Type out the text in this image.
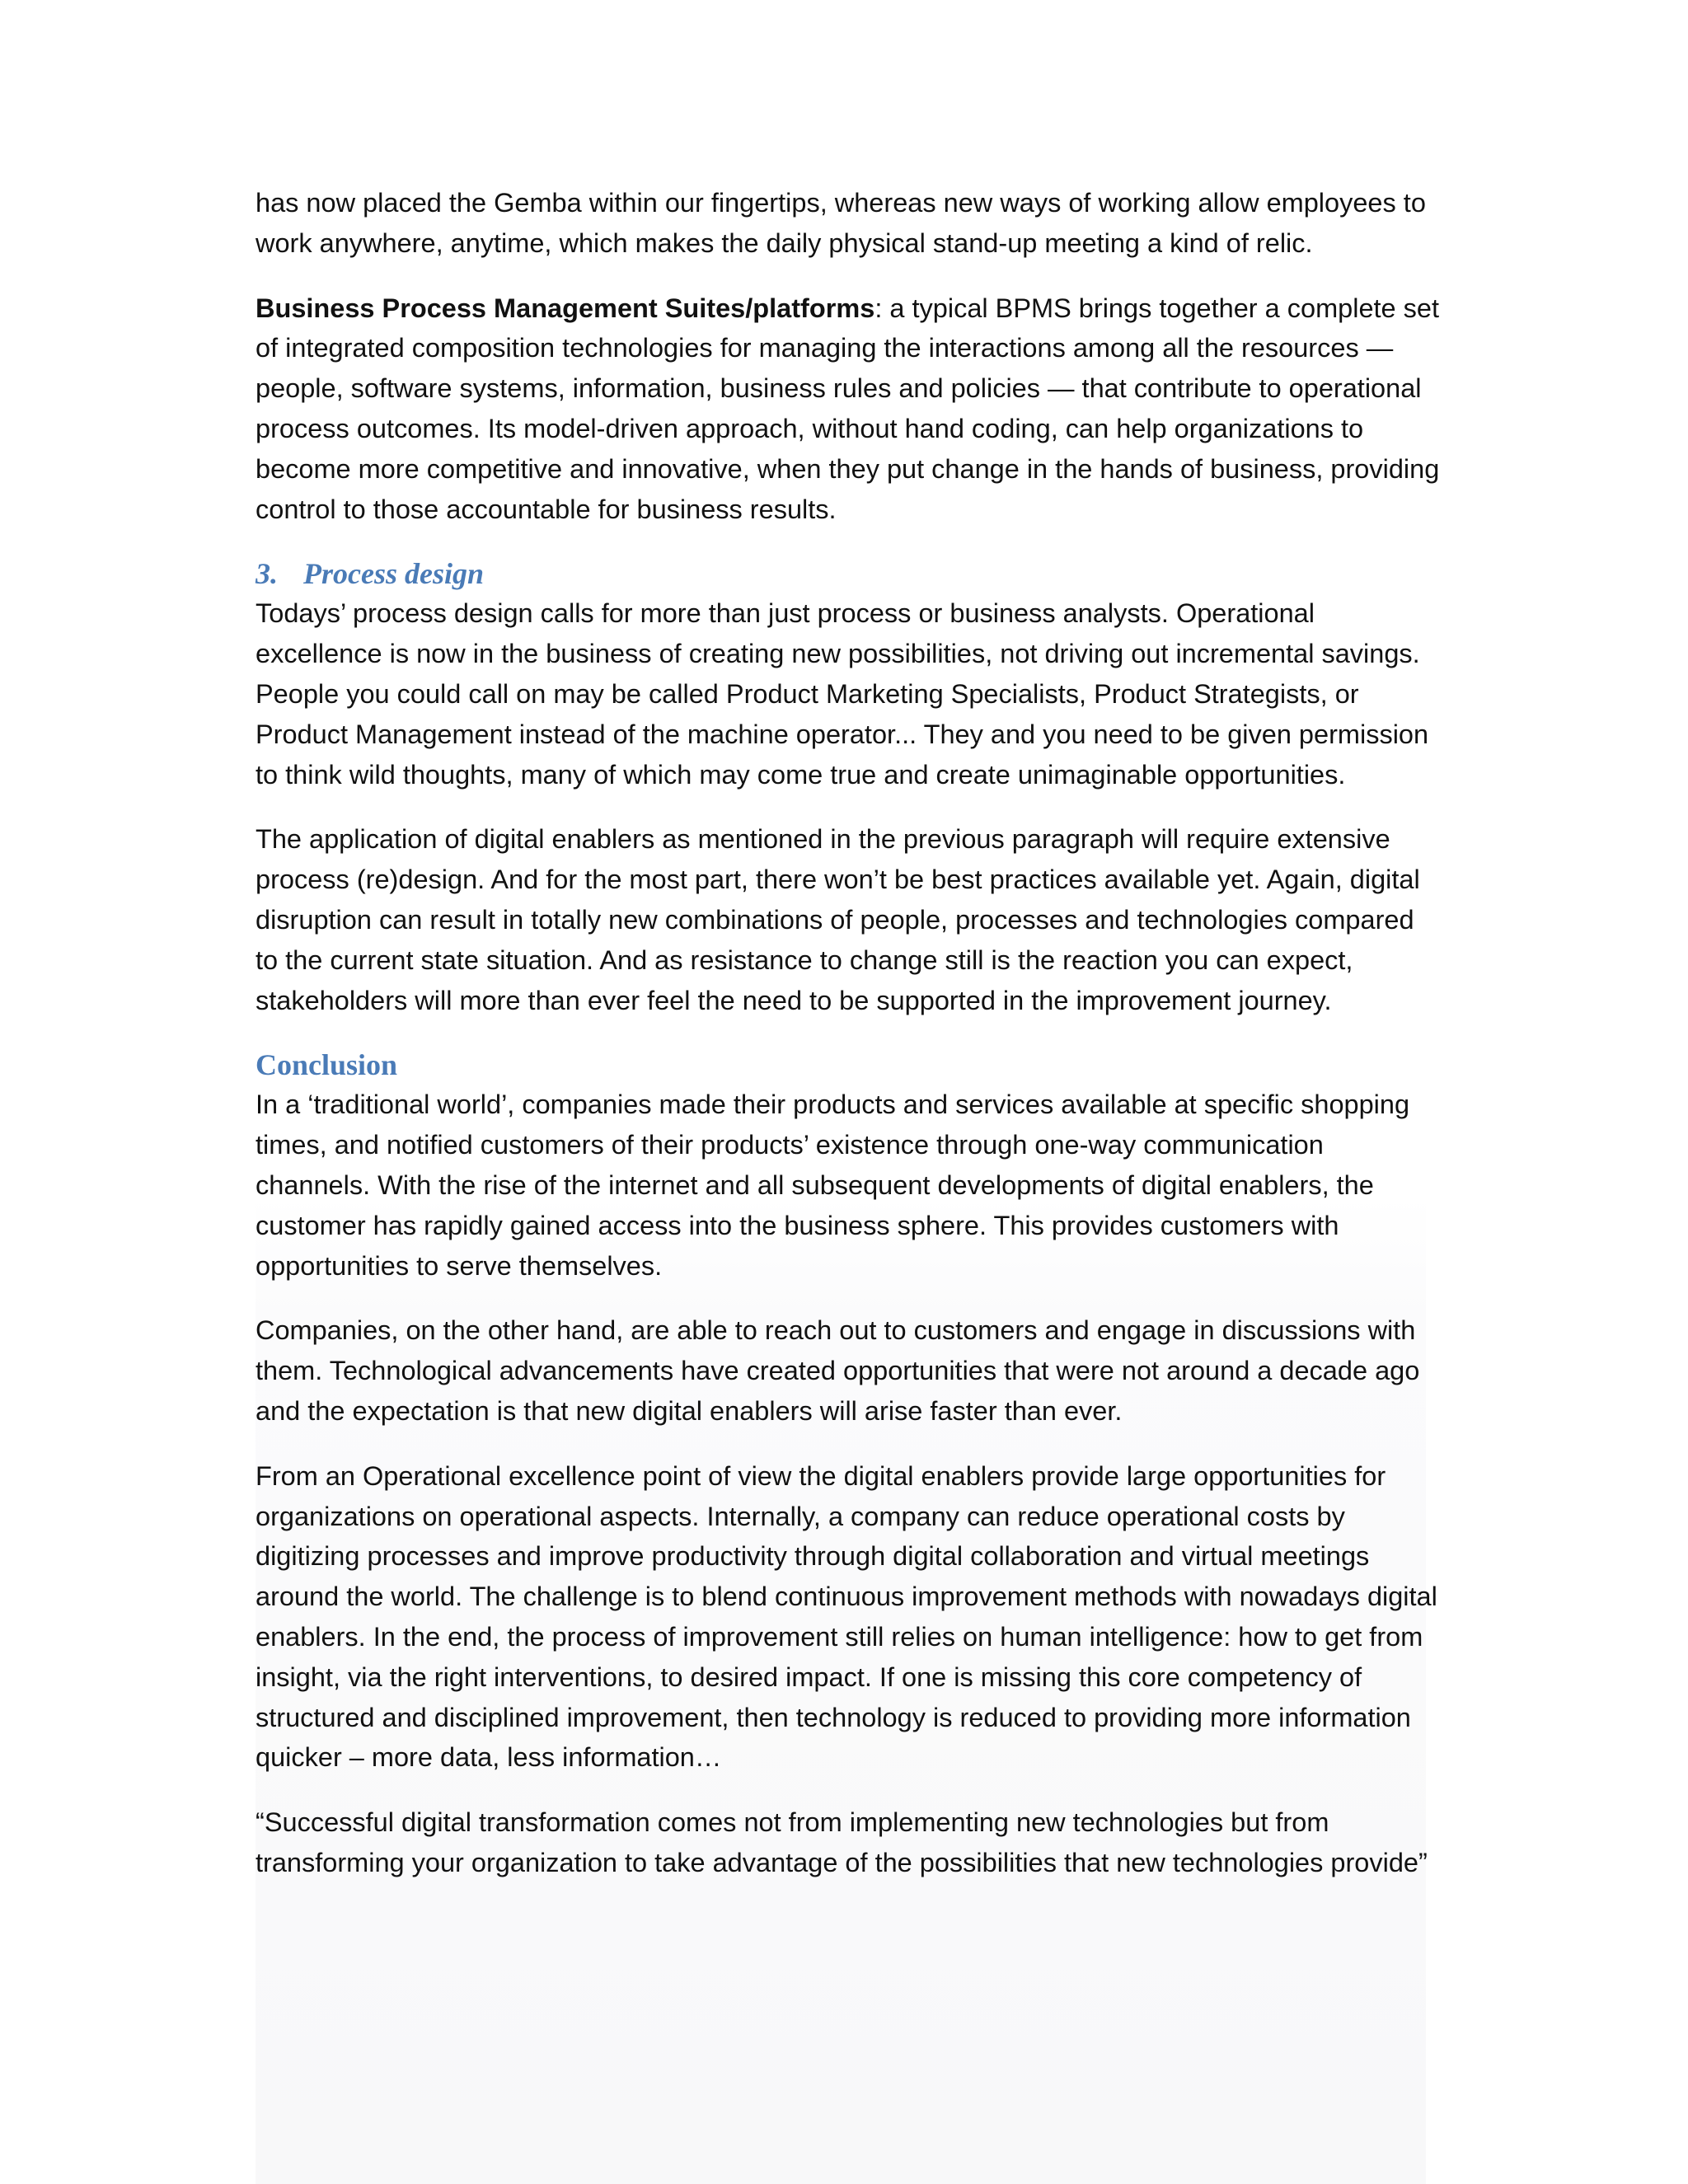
has now placed the Gemba within our fingertips, whereas new ways of working allow employees to work anywhere, anytime, which makes the daily physical stand-up meeting a kind of relic.

Business Process Management Suites/platforms: a typical BPMS brings together a complete set of integrated composition technologies for managing the interactions among all the resources — people, software systems, information, business rules and policies — that contribute to operational process outcomes. Its model-driven approach, without hand coding, can help organizations to become more competitive and innovative, when they put change in the hands of business, providing control to those accountable for business results.

3. Process design

Todays’ process design calls for more than just process or business analysts. Operational excellence is now in the business of creating new possibilities, not driving out incremental savings. People you could call on may be called Product Marketing Specialists, Product Strategists, or Product Management instead of the machine operator... They and you need to be given permission to think wild thoughts, many of which may come true and create unimaginable opportunities.

The application of digital enablers as mentioned in the previous paragraph will require extensive process (re)design. And for the most part, there won’t be best practices available yet. Again, digital disruption can result in totally new combinations of people, processes and technologies compared to the current state situation. And as resistance to change still is the reaction you can expect, stakeholders will more than ever feel the need to be supported in the improvement journey.

Conclusion

In a ‘traditional world’, companies made their products and services available at specific shopping times, and notified customers of their products’ existence through one-way communication channels. With the rise of the internet and all subsequent developments of digital enablers, the customer has rapidly gained access into the business sphere. This provides customers with opportunities to serve themselves.

Companies, on the other hand, are able to reach out to customers and engage in discussions with them. Technological advancements have created opportunities that were not around a decade ago and the expectation is that new digital enablers will arise faster than ever.

From an Operational excellence point of view the digital enablers provide large opportunities for organizations on operational aspects. Internally, a company can reduce operational costs by digitizing processes and improve productivity through digital collaboration and virtual meetings around the world. The challenge is to blend continuous improvement methods with nowadays digital enablers. In the end, the process of improvement still relies on human intelligence: how to get from insight, via the right interventions, to desired impact. If one is missing this core competency of structured and disciplined improvement, then technology is reduced to providing more information quicker – more data, less information…

“Successful digital transformation comes not from implementing new technologies but from transforming your organization to take advantage of the possibilities that new technologies provide”
